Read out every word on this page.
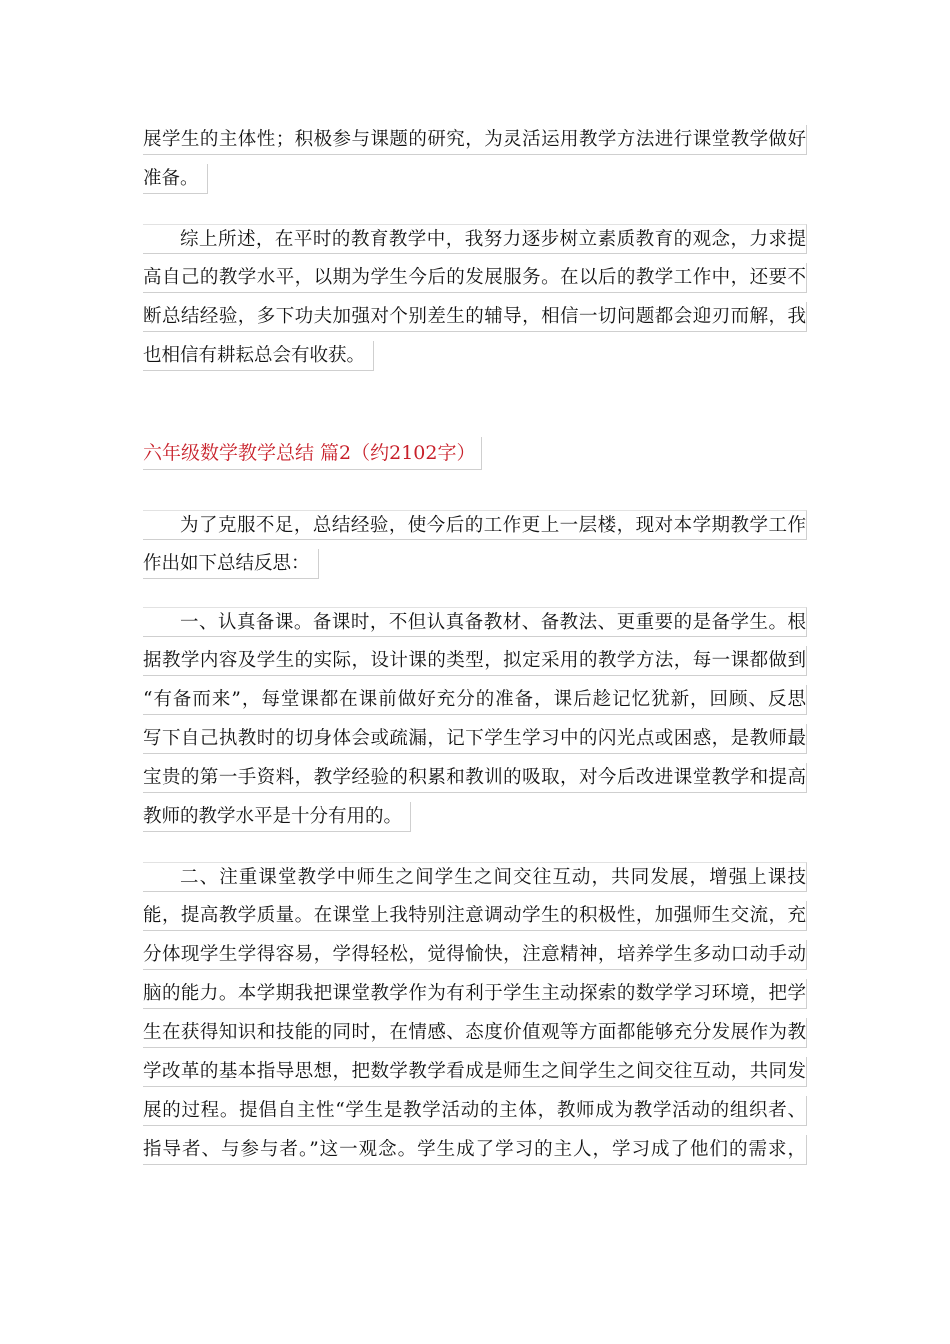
展学生的主体性；积极参与课题的研究，为灵活运用教学方法进行课堂教学做好
准备。
综上所述，在平时的教育教学中，我努力逐步树立素质教育的观念，力求提
高自己的教学水平，以期为学生今后的发展服务。在以后的教学工作中，还要不
断总结经验，多下功夫加强对个别差生的辅导，相信一切问题都会迎刃而解，我
也相信有耕耘总会有收获。
六年级数学教学总结 篇2（约2102字）
为了克服不足，总结经验，使今后的工作更上一层楼，现对本学期教学工作
作出如下总结反思：
一、认真备课。备课时，不但认真备教材、备教法、更重要的是备学生。根
据教学内容及学生的实际，设计课的类型，拟定采用的教学方法，每一课都做到
“有备而来”，每堂课都在课前做好充分的准备，课后趁记忆犹新，回顾、反思
写下自己执教时的切身体会或疏漏，记下学生学习中的闪光点或困惑，是教师最
宝贵的第一手资料，教学经验的积累和教训的吸取，对今后改进课堂教学和提高
教师的教学水平是十分有用的。
二、注重课堂教学中师生之间学生之间交往互动，共同发展，增强上课技
能，提高教学质量。在课堂上我特别注意调动学生的积极性，加强师生交流，充
分体现学生学得容易，学得轻松，觉得愉快，注意精神，培养学生多动口动手动
脑的能力。本学期我把课堂教学作为有利于学生主动探索的数学学习环境，把学
生在获得知识和技能的同时，在情感、态度价值观等方面都能够充分发展作为教
学改革的基本指导思想，把数学教学看成是师生之间学生之间交往互动，共同发
展的过程。提倡自主性“学生是教学活动的主体，教师成为教学活动的组织者、
指导者、与参与者。”这一观念。学生成了学习的主人，学习成了他们的需求，
